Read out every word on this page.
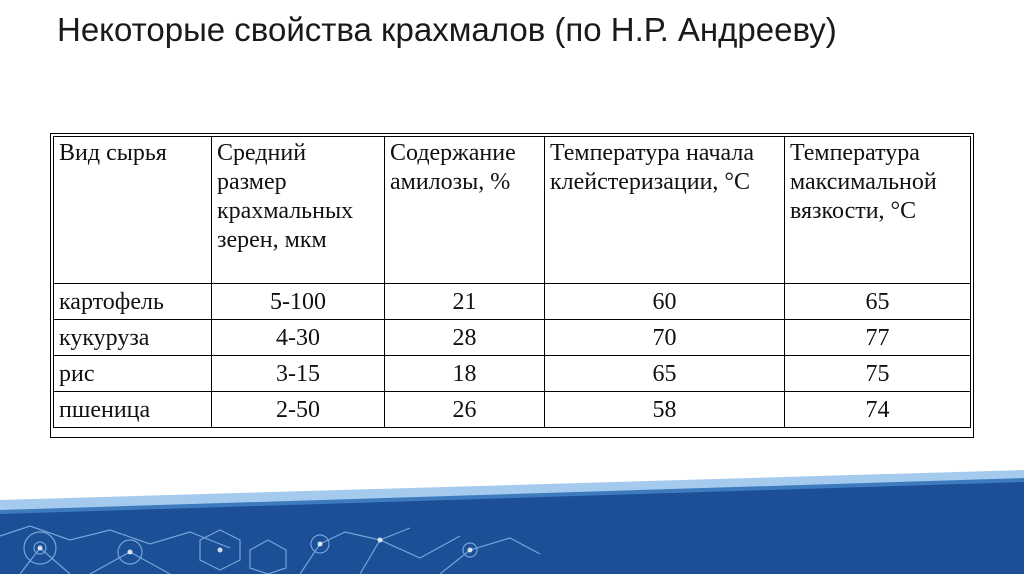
Некоторые свойства крахмалов (по Н.Р. Андрееву)
Вид сырья	Средний размер крахмальных зерен, мкм	Содержание амилозы, %	Температура начала клейстеризации, °С	Температура максимальной вязкости, °С
картофель	5-100	21	60	65
кукуруза	4-30	28	70	77
рис	3-15	18	65	75
пшеница	2-50	26	58	74
